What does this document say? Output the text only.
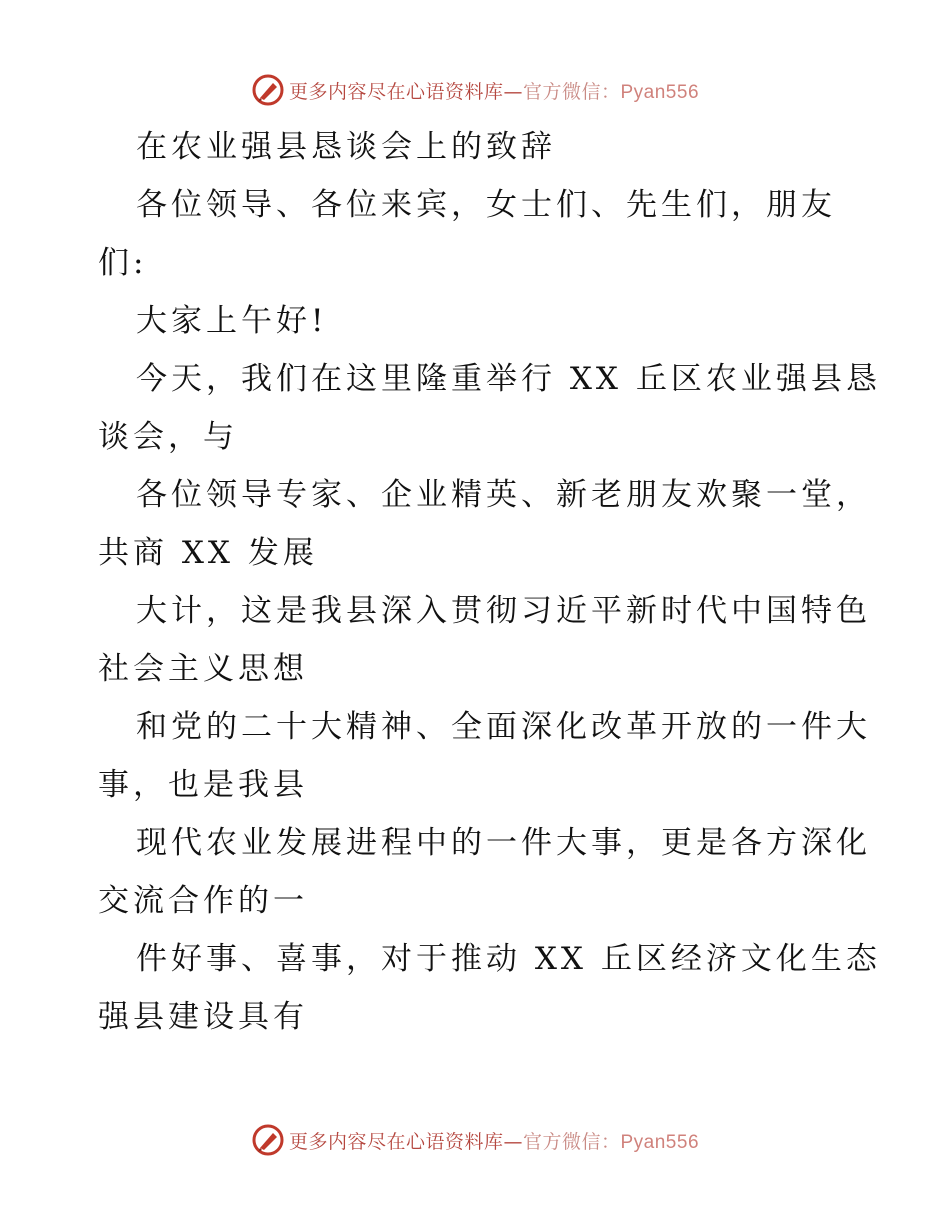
更多内容尽在心语资料库—官方微信：Pyan556
在农业强县恳谈会上的致辞
各位领导、各位来宾，女士们、先生们，朋友
们:
大家上午好!
今天，我们在这里隆重举行 XX 丘区农业强县恳
谈会，与
各位领导专家、企业精英、新老朋友欢聚一堂，
共商 XX 发展
大计，这是我县深入贯彻习近平新时代中国特色
社会主义思想
和党的二十大精神、全面深化改革开放的一件大
事，也是我县
现代农业发展进程中的一件大事，更是各方深化
交流合作的一
件好事、喜事，对于推动 XX 丘区经济文化生态
强县建设具有
更多内容尽在心语资料库—官方微信：Pyan556
